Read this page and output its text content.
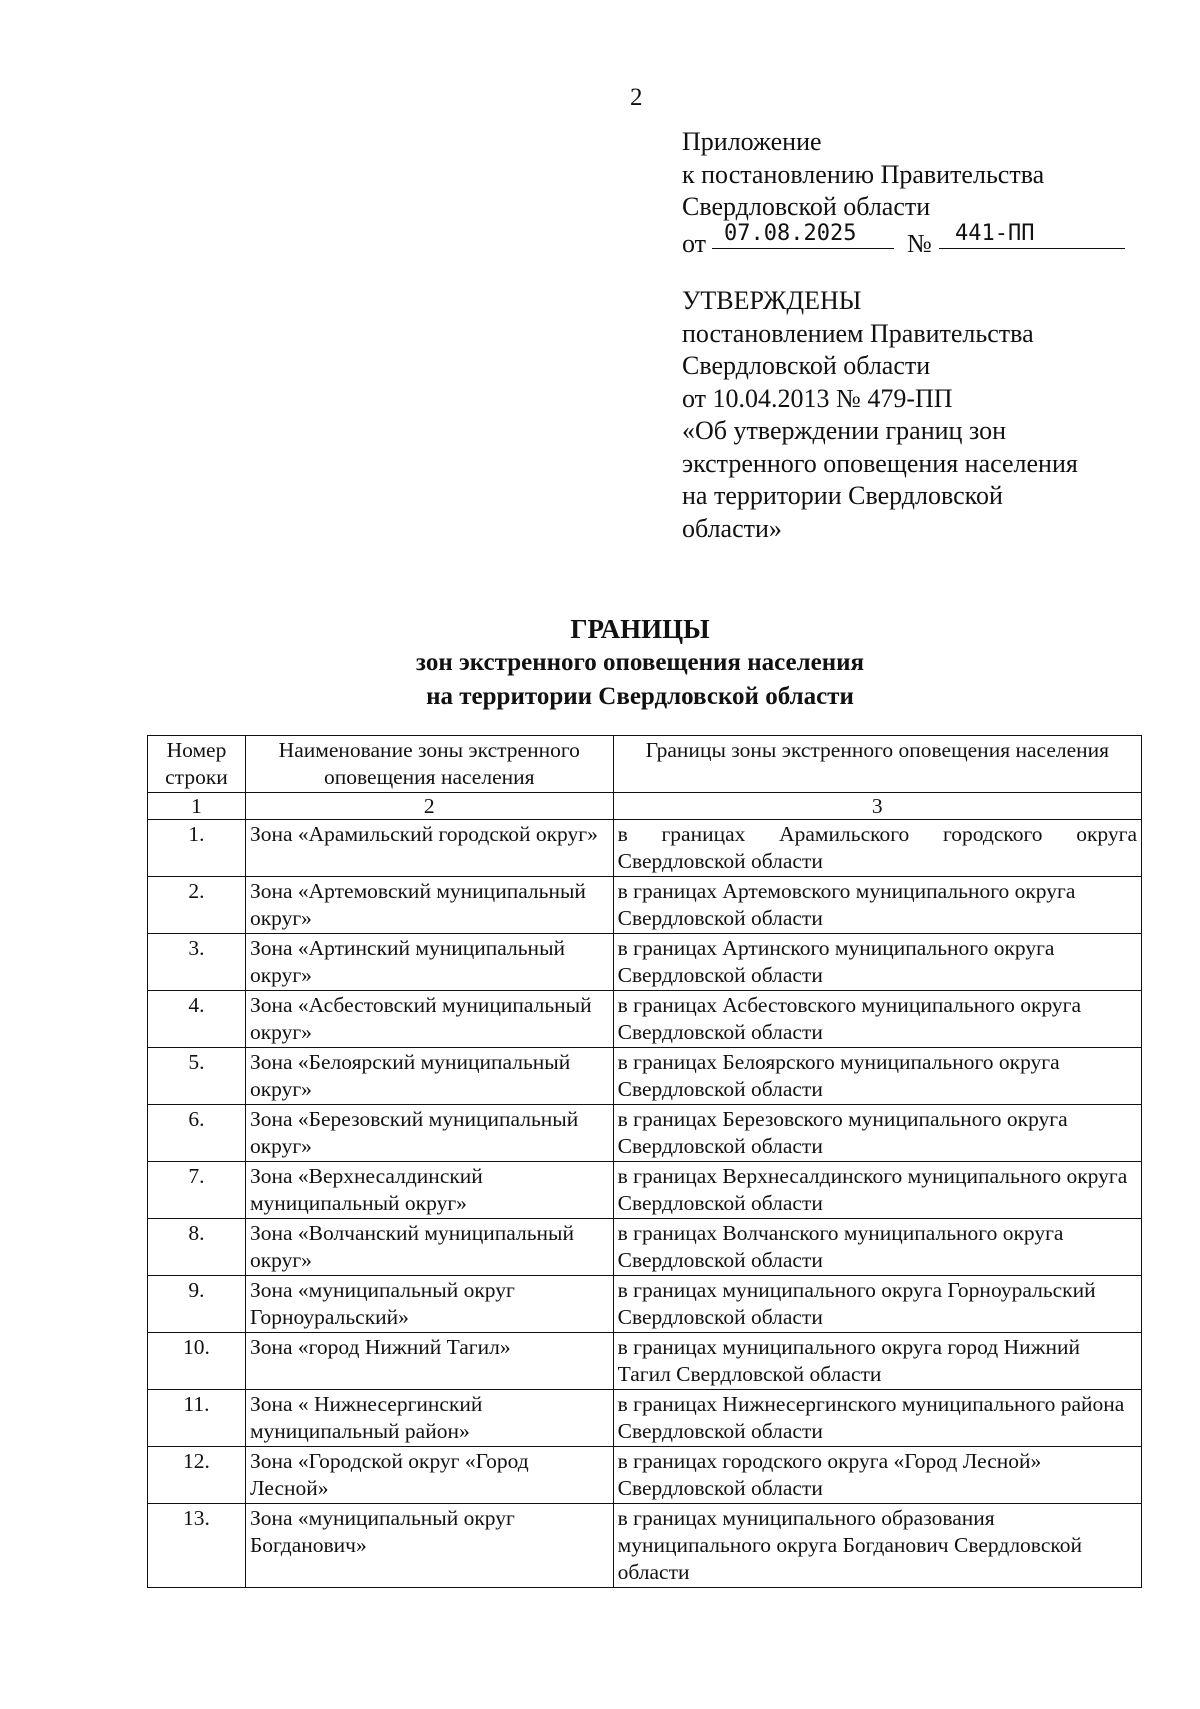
2
Приложение
к постановлению Правительства
Свердловской области
от 07.08.2025	№	441-ПП
УТВЕРЖДЕНЫ
постановлением Правительства
Свердловской области
от 10.04.2013 № 479-ПП
«Об утверждении границ зон
экстренного оповещения населения
на территории Свердловской
области»
ГРАНИЦЫ
зон экстренного оповещения населения
на территории Свердловской области
Номер строки	Наименование зоны экстренного оповещения населения	Границы зоны экстренного оповещения населения
1	2	3
1.	Зона «Арамильский городской округ»	в границах Арамильского городского округа Свердловской области
2.	Зона «Артемовский муниципальный округ»	в границах Артемовского муниципального округа Свердловской области
3.	Зона «Артинский муниципальный округ»	в границах Артинского муниципального округа Свердловской области
4.	Зона «Асбестовский муниципальный округ»	в границах Асбестовского муниципального округа Свердловской области
5.	Зона «Белоярский муниципальный округ»	в границах Белоярского муниципального округа Свердловской области
6.	Зона «Березовский муниципальный округ»	в границах Березовского муниципального округа Свердловской области
7.	Зона «Верхнесалдинский муниципальный округ»	в границах Верхнесалдинского муниципального округа Свердловской области
8.	Зона «Волчанский муниципальный округ»	в границах Волчанского муниципального округа Свердловской области
9.	Зона «муниципальный округ Горноуральский»	в границах муниципального округа Горноуральский Свердловской области
10.	Зона «город Нижний Тагил»	в границах муниципального округа город Нижний Тагил Свердловской области
11.	Зона « Нижнесергинский муниципальный район»	в границах Нижнесергинского муниципального района Свердловской области
12.	Зона «Городской округ «Город Лесной»	в границах городского округа «Город Лесной» Свердловской области
13.	Зона «муниципальный округ Богданович»	в границах муниципального образования муниципального округа Богданович Свердловской области
